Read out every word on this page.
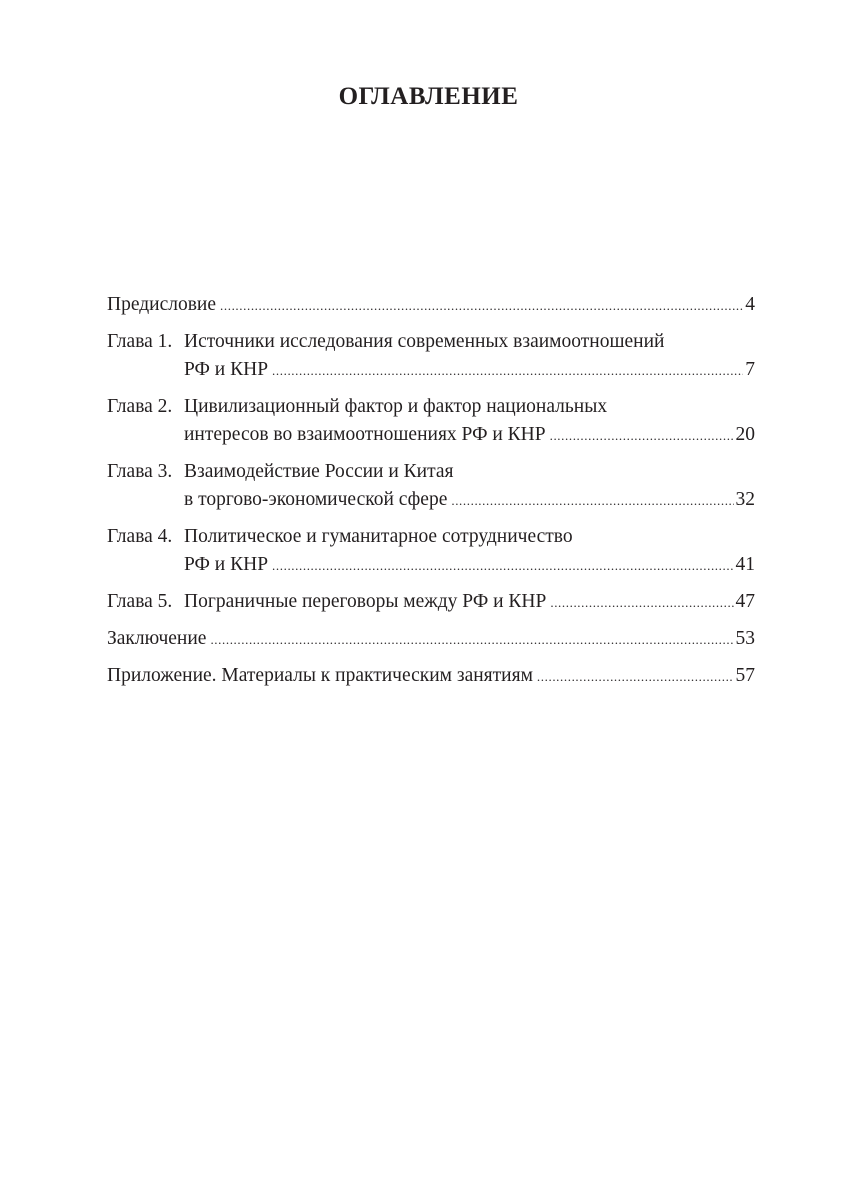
ОГЛАВЛЕНИЕ
Предисловие .....	4
Глава 1. Источники исследования современных взаимоотношений
РФ и КНР .....	7
Глава 2. Цивилизационный фактор и фактор национальных
интересов во взаимоотношениях РФ и КНР .....	20
Глава 3. Взаимодействие России и Китая
в торгово-экономической сфере .....	32
Глава 4. Политическое и гуманитарное сотрудничество
РФ и КНР .....	41
Глава 5. Пограничные переговоры между РФ и КНР .....	47
Заключение .....	53
Приложение. Материалы к практическим занятиям .....	57
